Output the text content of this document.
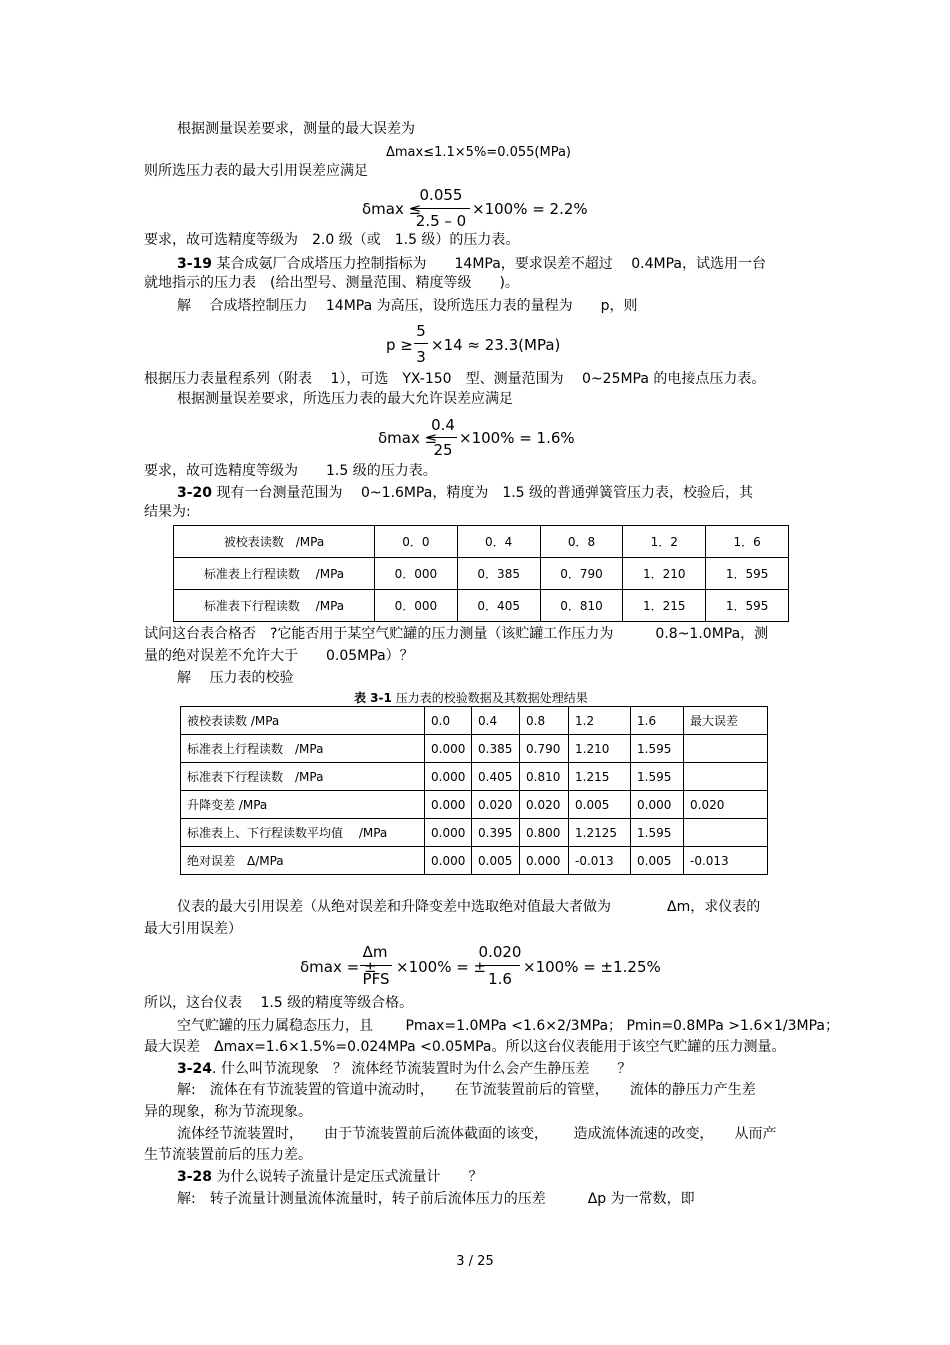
根据测量误差要求，测量的最大误差为
Δmax≤1.1×5%=0.055(MPa)
则所选压力表的最大引用误差应满足
δmax ≤
0.055
2.5 – 0
×100% = 2.2%
要求，故可选精度等级为　2.0 级（或　1.5 级）的压力表。
3-19 某合成氨厂合成塔压力控制指标为　　14MPa，要求误差不超过　 0.4MPa，试选用一台
就地指示的压力表　(给出型号、测量范围、精度等级　　)。
解　 合成塔控制压力　 14MPa 为高压，设所选压力表的量程为　　p，则
p ≥
5
3
×14 ≈ 23.3(MPa)
根据压力表量程系列（附表　 1），可选　YX-150　型、测量范围为　 0~25MPa 的电接点压力表。
根据测量误差要求，所选压力表的最大允许误差应满足
δmax ≤
0.4
25
×100% = 1.6%
要求，故可选精度等级为　　1.5 级的压力表。
3-20 现有一台测量范围为　 0~1.6MPa，精度为　1.5 级的普通弹簧管压力表，校验后，其
结果为:
被校表读数　/MPa	0．0	0．4	0．8	1．2	1．6
标准表上行程读数　 /MPa	0．000	0．385	0．790	1．210	1．595
标准表下行程读数　 /MPa	0．000	0．405	0．810	1．215	1．595
试问这台表合格否　?它能否用于某空气贮罐的压力测量（该贮罐工作压力为　　　0.8~1.0MPa，测
量的绝对误差不允许大于　　0.05MPa）？
解　 压力表的校验
表 3-1 压力表的校验数据及其数据处理结果
被校表读数 /MPa	0.0	0.4	0.8	1.2	1.6	最大误差
标准表上行程读数　/MPa	0.000	0.385	0.790	1.210	1.595	
标准表下行程读数　/MPa	0.000	0.405	0.810	1.215	1.595	
升降变差 /MPa	0.000	0.020	0.020	0.005	0.000	0.020
标准表上、下行程读数平均值　 /MPa	0.000	0.395	0.800	1.2125	1.595	
绝对误差　Δ/MPa	0.000	0.005	0.000	-0.013	0.005	-0.013
仪表的最大引用误差（从绝对误差和升降变差中选取绝对值最大者做为　　　　Δm，求仪表的
最大引用误差）
δmax = ±
Δm
PFS
×100% = ±
0.020
1.6
×100% = ±1.25%
所以，这台仪表　 1.5 级的精度等级合格。
空气贮罐的压力属稳态压力，且　　 Pmax=1.0MPa <1.6×2/3MPa； Pmin=0.8MPa >1.6×1/3MPa；
最大误差　Δmax=1.6×1.5%=0.024MPa <0.05MPa。所以这台仪表能用于该空气贮罐的压力测量。
3-24. 什么叫节流现象　？ 流体经节流装置时为什么会产生静压差　　？
解:　流体在有节流装置的管道中流动时，　　在节流装置前后的管壁，　　流体的静压力产生差
异的现象，称为节流现象。
流体经节流装置时，　　由于节流装置前后流体截面的该变，　　 造成流体流速的改变，　　从而产
生节流装置前后的压力差。
3-28 为什么说转子流量计是定压式流量计　　？
解:　转子流量计测量流体流量时，转子前后流体压力的压差　　　Δp 为一常数，即
3 / 25
